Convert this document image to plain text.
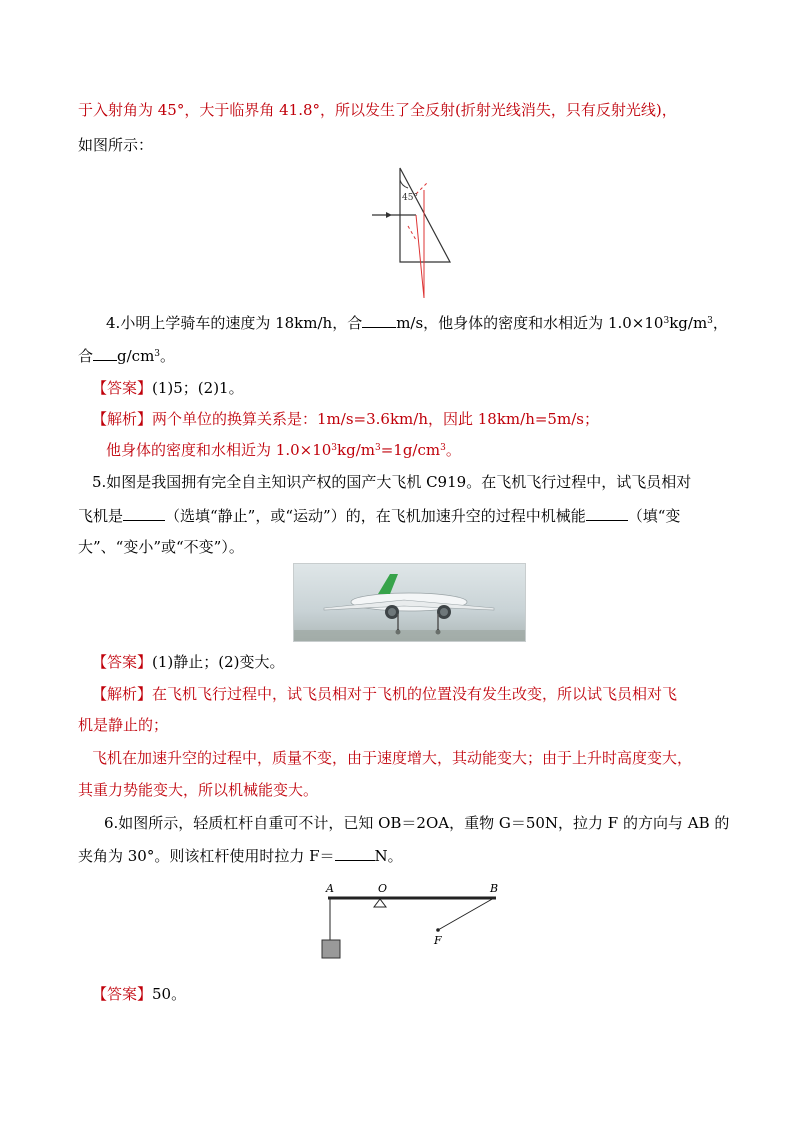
于入射角为 45°，大于临界角 41.8°，所以发生了全反射(折射光线消失，只有反射光线)，
如图所示：
45°
4.小明上学骑车的速度为 18km/h，合 m/s，他身体的密度和水相近为 $1.0\times 10^3kg/m^3$，
合 $g/cm^3$。
【答案】(1)5；(2)1。
【解析】两个单位的换算关系是：1m/s=3.6km/h，因此 18km/h=5m/s；
他身体的密度和水相近为 $1.0\times 10^3kg/m^3=1g/cm^3$。
5.如图是我国拥有完全自主知识产权的国产大飞机 C919。在飞机飞行过程中，试飞员相对
飞机是	（选填“静止”，或“运动”）的，在飞机加速升空的过程中机械能	（填“变
大”、“变小”或“不变”）。
【答案】(1)静止；(2)变大。
【解析】在飞机飞行过程中，试飞员相对于飞机的位置没有发生改变，所以试飞员相对飞
机是静止的；
飞机在加速升空的过程中，质量不变，由于速度增大，其动能变大；由于上升时高度变大，
其重力势能变大，所以机械能变大。
6.如图所示，轻质杠杆自重可不计，已知 OB＝2OA，重物 G＝50N，拉力 F 的方向与 AB 的
夹角为 30°。则该杠杆使用时拉力 F＝	N。
A	O	B
F
【答案】50。
